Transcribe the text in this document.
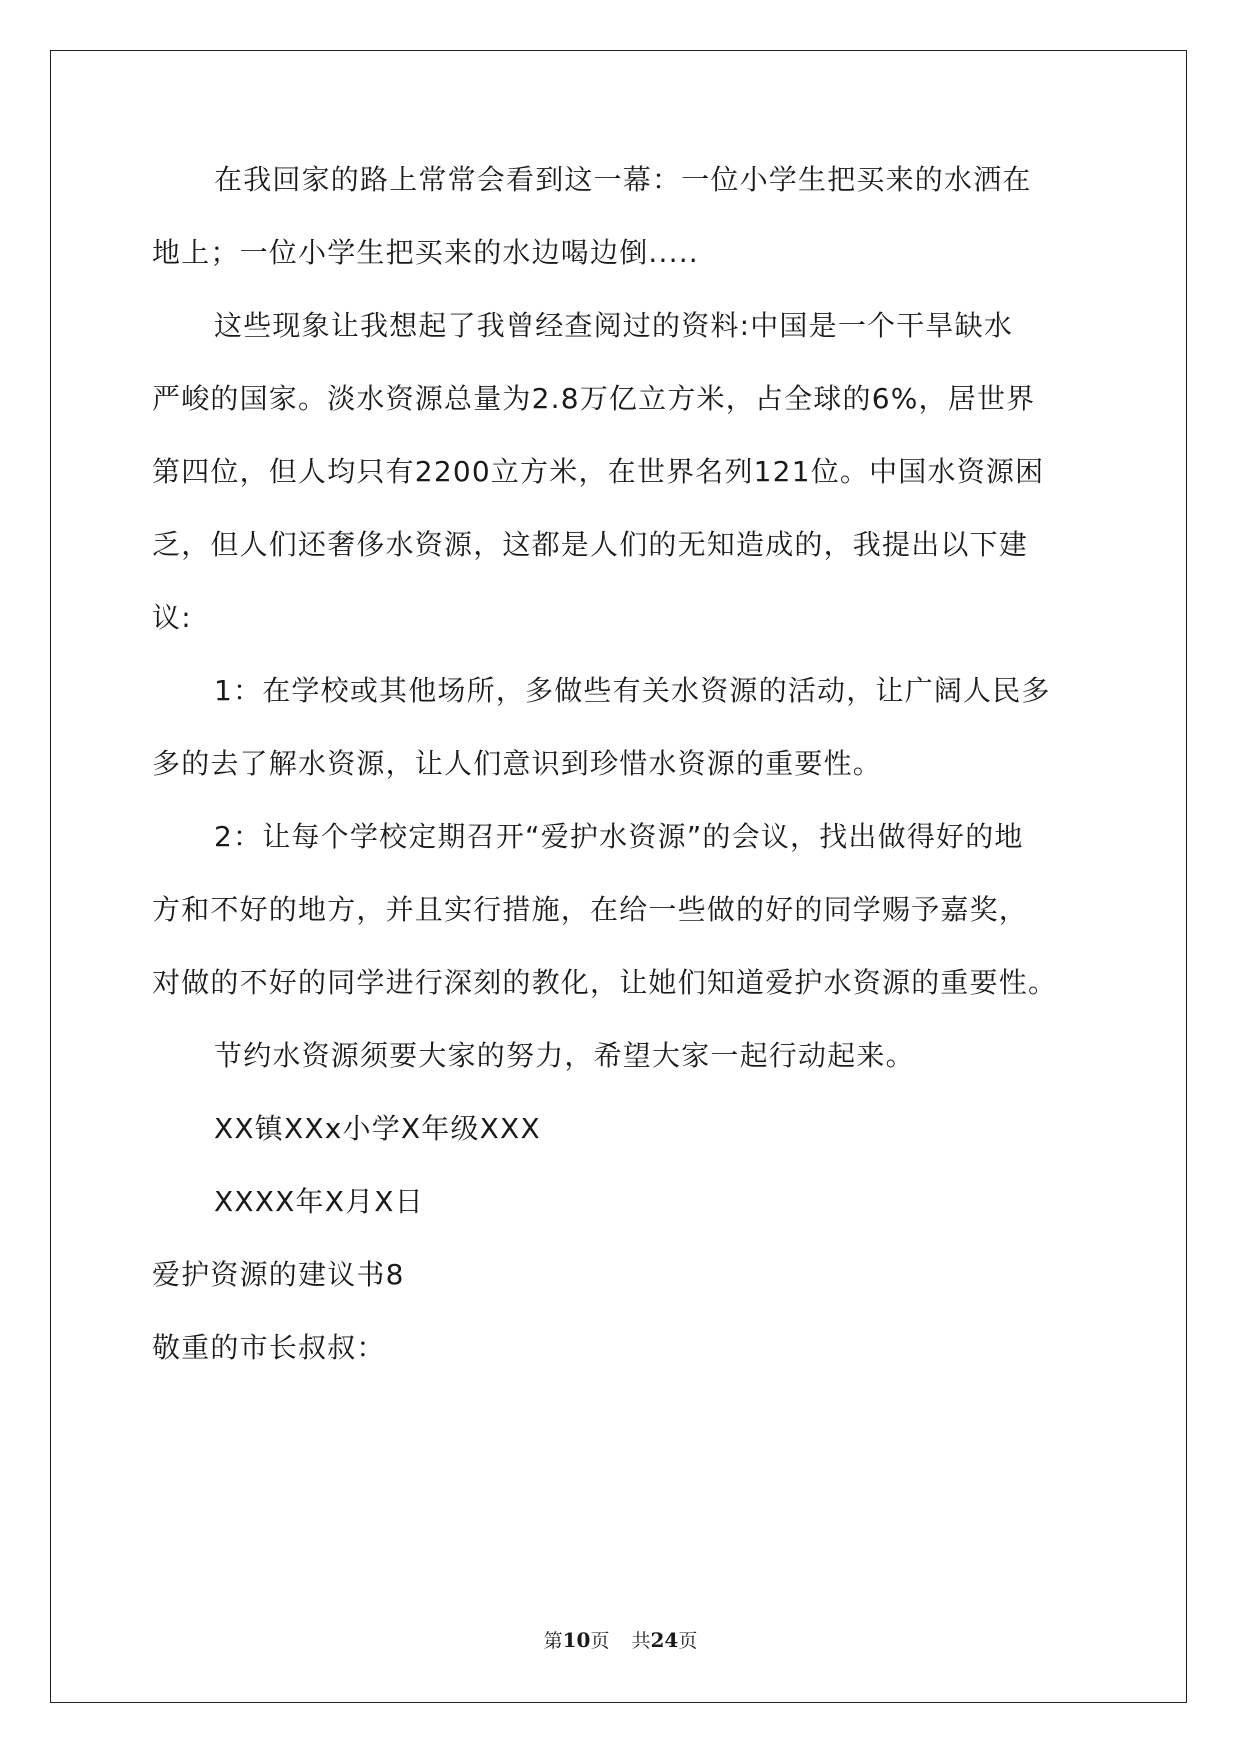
在我回家的路上常常会看到这一幕：一位小学生把买来的水洒在
地上；一位小学生把买来的水边喝边倒.....
这些现象让我想起了我曾经查阅过的资料:中国是一个干旱缺水
严峻的国家。淡水资源总量为2.8万亿立方米，占全球的6%，居世界
第四位，但人均只有2200立方米，在世界名列121位。中国水资源困
乏，但人们还奢侈水资源，这都是人们的无知造成的，我提出以下建
议:
1：在学校或其他场所，多做些有关水资源的活动，让广阔人民多
多的去了解水资源，让人们意识到珍惜水资源的重要性。
2：让每个学校定期召开“爱护水资源”的会议，找出做得好的地
方和不好的地方，并且实行措施，在给一些做的好的同学赐予嘉奖，
对做的不好的同学进行深刻的教化，让她们知道爱护水资源的重要性。
节约水资源须要大家的努力，希望大家一起行动起来。
XX镇XXx小学X年级XXX
XXXX年X月X日
爱护资源的建议书8
敬重的市长叔叔：
第10页 共24页
